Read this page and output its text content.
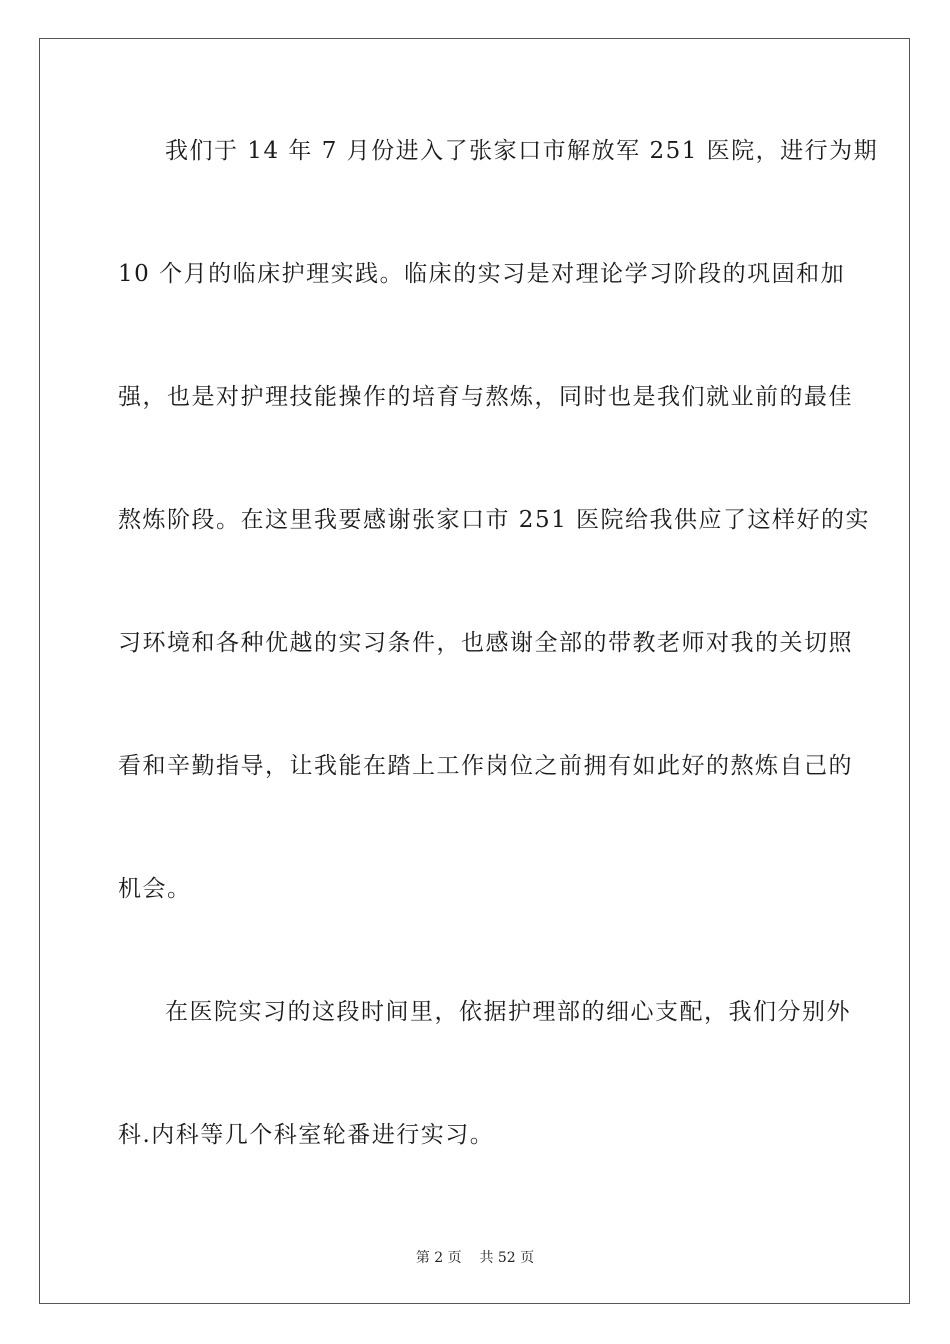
我们于 14 年 7 月份进入了张家口市解放军 251 医院，进行为期
10 个月的临床护理实践。临床的实习是对理论学习阶段的巩固和加
强，也是对护理技能操作的培育与熬炼，同时也是我们就业前的最佳
熬炼阶段。在这里我要感谢张家口市 251 医院给我供应了这样好的实
习环境和各种优越的实习条件，也感谢全部的带教老师对我的关切照
看和辛勤指导，让我能在踏上工作岗位之前拥有如此好的熬炼自己的
机会。
在医院实习的这段时间里，依据护理部的细心支配，我们分别外
科.内科等几个科室轮番进行实习。
第 2 页 共 52 页
